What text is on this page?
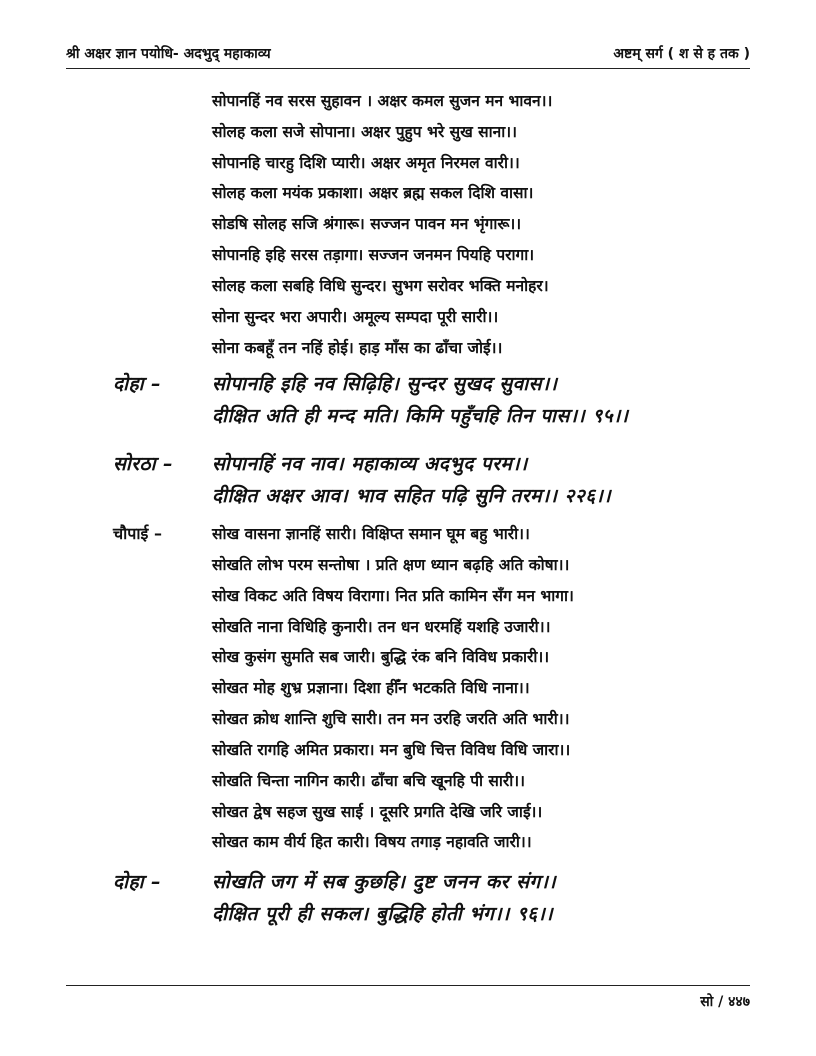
श्री अक्षर ज्ञान पयोधि- अदभुद् महाकाव्य	अष्टम् सर्ग ( श से ह तक )
सोपानहिं नव सरस सुहावन । अक्षर कमल सुजन मन भावन।।
सोलह कला सजे सोपाना। अक्षर पुहुप भरे सुख साना।।
सोपानहि चारहु दिशि प्यारी। अक्षर अमृत निरमल वारी।।
सोलह कला मयंक प्रकाशा। अक्षर ब्रह्म सकल दिशि वासा।
सोडषि सोलह सजि श्रंगारू। सज्जन पावन मन भृंगारू।।
सोपानहि इहि सरस तड़ागा। सज्जन जनमन पियहि परागा।
सोलह कला सबहि विधि सुन्दर। सुभग सरोवर भक्ति मनोहर।
सोना सुन्दर भरा अपारी। अमूल्य सम्पदा पूरी सारी।।
सोना कबहूँ तन नहिं होई। हाड़ माँस का ढाँचा जोई।।
दोहा –	सोपानहि इहि नव सिढ़िहि। सुन्दर सुखद सुवास।।
दीक्षित अति ही मन्द मति। किमि पहुँचहि तिन पास।। ९५।।
सोरठा – सोपानहिं नव नाव। महाकाव्य अदभुद परम।।
दीक्षित अक्षर आव। भाव सहित पढ़ि सुनि तरम।। २२६।।
चौपाई –	सोख वासना ज्ञानहिं सारी। विक्षिप्त समान घूम बहु भारी।।
सोखति लोभ परम सन्तोषा । प्रति क्षण ध्यान बढ़हि अति कोषा।।
सोख विकट अति विषय विरागा। नित प्रति कामिन सँग मन भागा।
सोखति नाना विधिहि कुनारी। तन धन धरमहिं यशहि उजारी।।
सोख कुसंग सुमति सब जारी। बुद्धि रंक बनि विविध प्रकारी।।
सोखत मोह शुभ्र प्रज्ञाना। दिशा हीँन भटकति विधि नाना।।
सोखत क्रोध शान्ति शुचि सारी। तन मन उरहि जरति अति भारी।।
सोखति रागहि अमित प्रकारा। मन बुधि चित्त विविध विधि जारा।।
सोखति चिन्ता नागिन कारी। ढाँचा बचि खूनहि पी सारी।।
सोखत द्वेष सहज सुख साई । दूसरि प्रगति देखि जरि जाई।।
सोखत काम वीर्य हित कारी। विषय तगाड़ नहावति जारी।।
दोहा –	सोखति जग में सब कुछहि। दुष्ट जनन कर संग।।
दीक्षित पूरी ही सकल। बुद्धिहि होती भंग।। ९६।।
सो / ४४७
